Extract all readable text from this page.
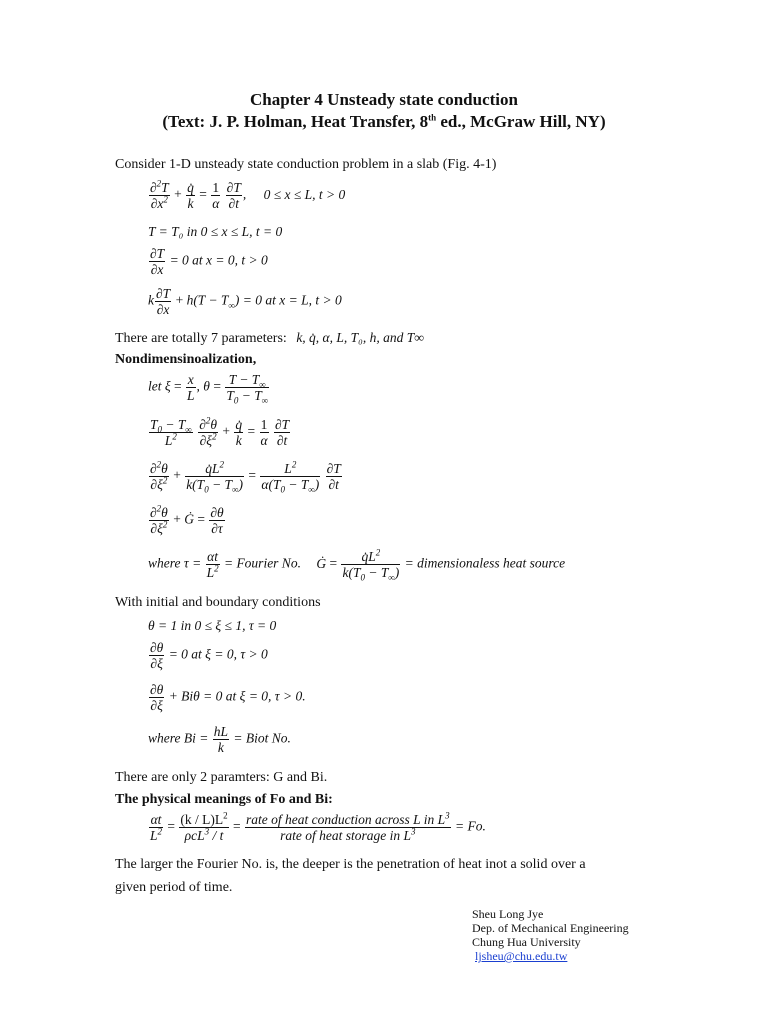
Chapter 4 Unsteady state conduction
(Text: J. P. Holman, Heat Transfer, 8th ed., McGraw Hill, NY)
Consider 1-D unsteady state conduction problem in a slab (Fig. 4-1)
$\frac{\partial^2T}{\partial x^2} + \frac{q̇}{k} = \frac{1}{\alpha}$
$\frac{\partial T}{\partial t}$ , 0 ≤ x ≤ L, t > 0
T = T₀ in 0 ≤ x ≤ L, t = 0
$\frac{\partial T}{\partial x} = 0$ at x = 0, t > 0
k $\frac{\partial T}{\partial x} + h(T - T_\infty) = 0$ at x = L, t > 0
There are totally 7 parameters: k, q̇, α, L, T₀, h, and T∞
Nondimensinoalization,
let $\xi = \frac{x}{L}$ , $\theta = \frac{T - T_\infty}{T_0 - T_\infty}$
$\frac{T_0 - T_\infty}{L^2}$
$\frac{\partial^2\theta}{\partial\xi^2} + \frac{q̇}{k} = \frac{1}{\alpha}$
$\frac{\partial T}{\partial t}$
$\frac{\partial^2\theta}{\partial\xi^2} + \frac{q̇L^2}{k(T_0 - T_\infty)} = \frac{L^2}{\alpha(T_0 - T_\infty)}$
$\frac{\partial T}{\partial t}$
$\frac{\partial^2\theta}{\partial\xi^2}$ + Ġ = $\frac{\partial\theta}{\partial\tau}$
where $\tau = \frac{\alpha t}{L^2}$ = Fourier No. Ġ = $\frac{q̇L^2}{k(T_0 - T_\infty)}$ = dimensionaless heat source
With initial and boundary conditions
θ = 1 in 0 ≤ ξ ≤ 1, τ = 0
$\frac{\partial\theta}{\partial\xi} = 0$ at ξ = 0, τ > 0
$\frac{\partial\theta}{\partial\xi} + Bi\theta = 0$ at ξ = 0, τ > 0.
where $Bi = \frac{hL}{k}$ = Biot No.
There are only 2 paramters: G and Bi.
The physical meanings of Fo and Bi:
$\frac{\alpha t}{L^2} = \frac{(k / L)L^2}{\rho cL^3 / t} = \frac{rate of heat conduction across L in L^3}{rate of heat storage in L^3} = Fo$.
The larger the Fourier No. is, the deeper is the penetration of heat inot a solid over a
given period of time.
Sheu Long Jye
Dep. of Mechanical Engineering
Chung Hua University
ljsheu@chu.edu.tw
